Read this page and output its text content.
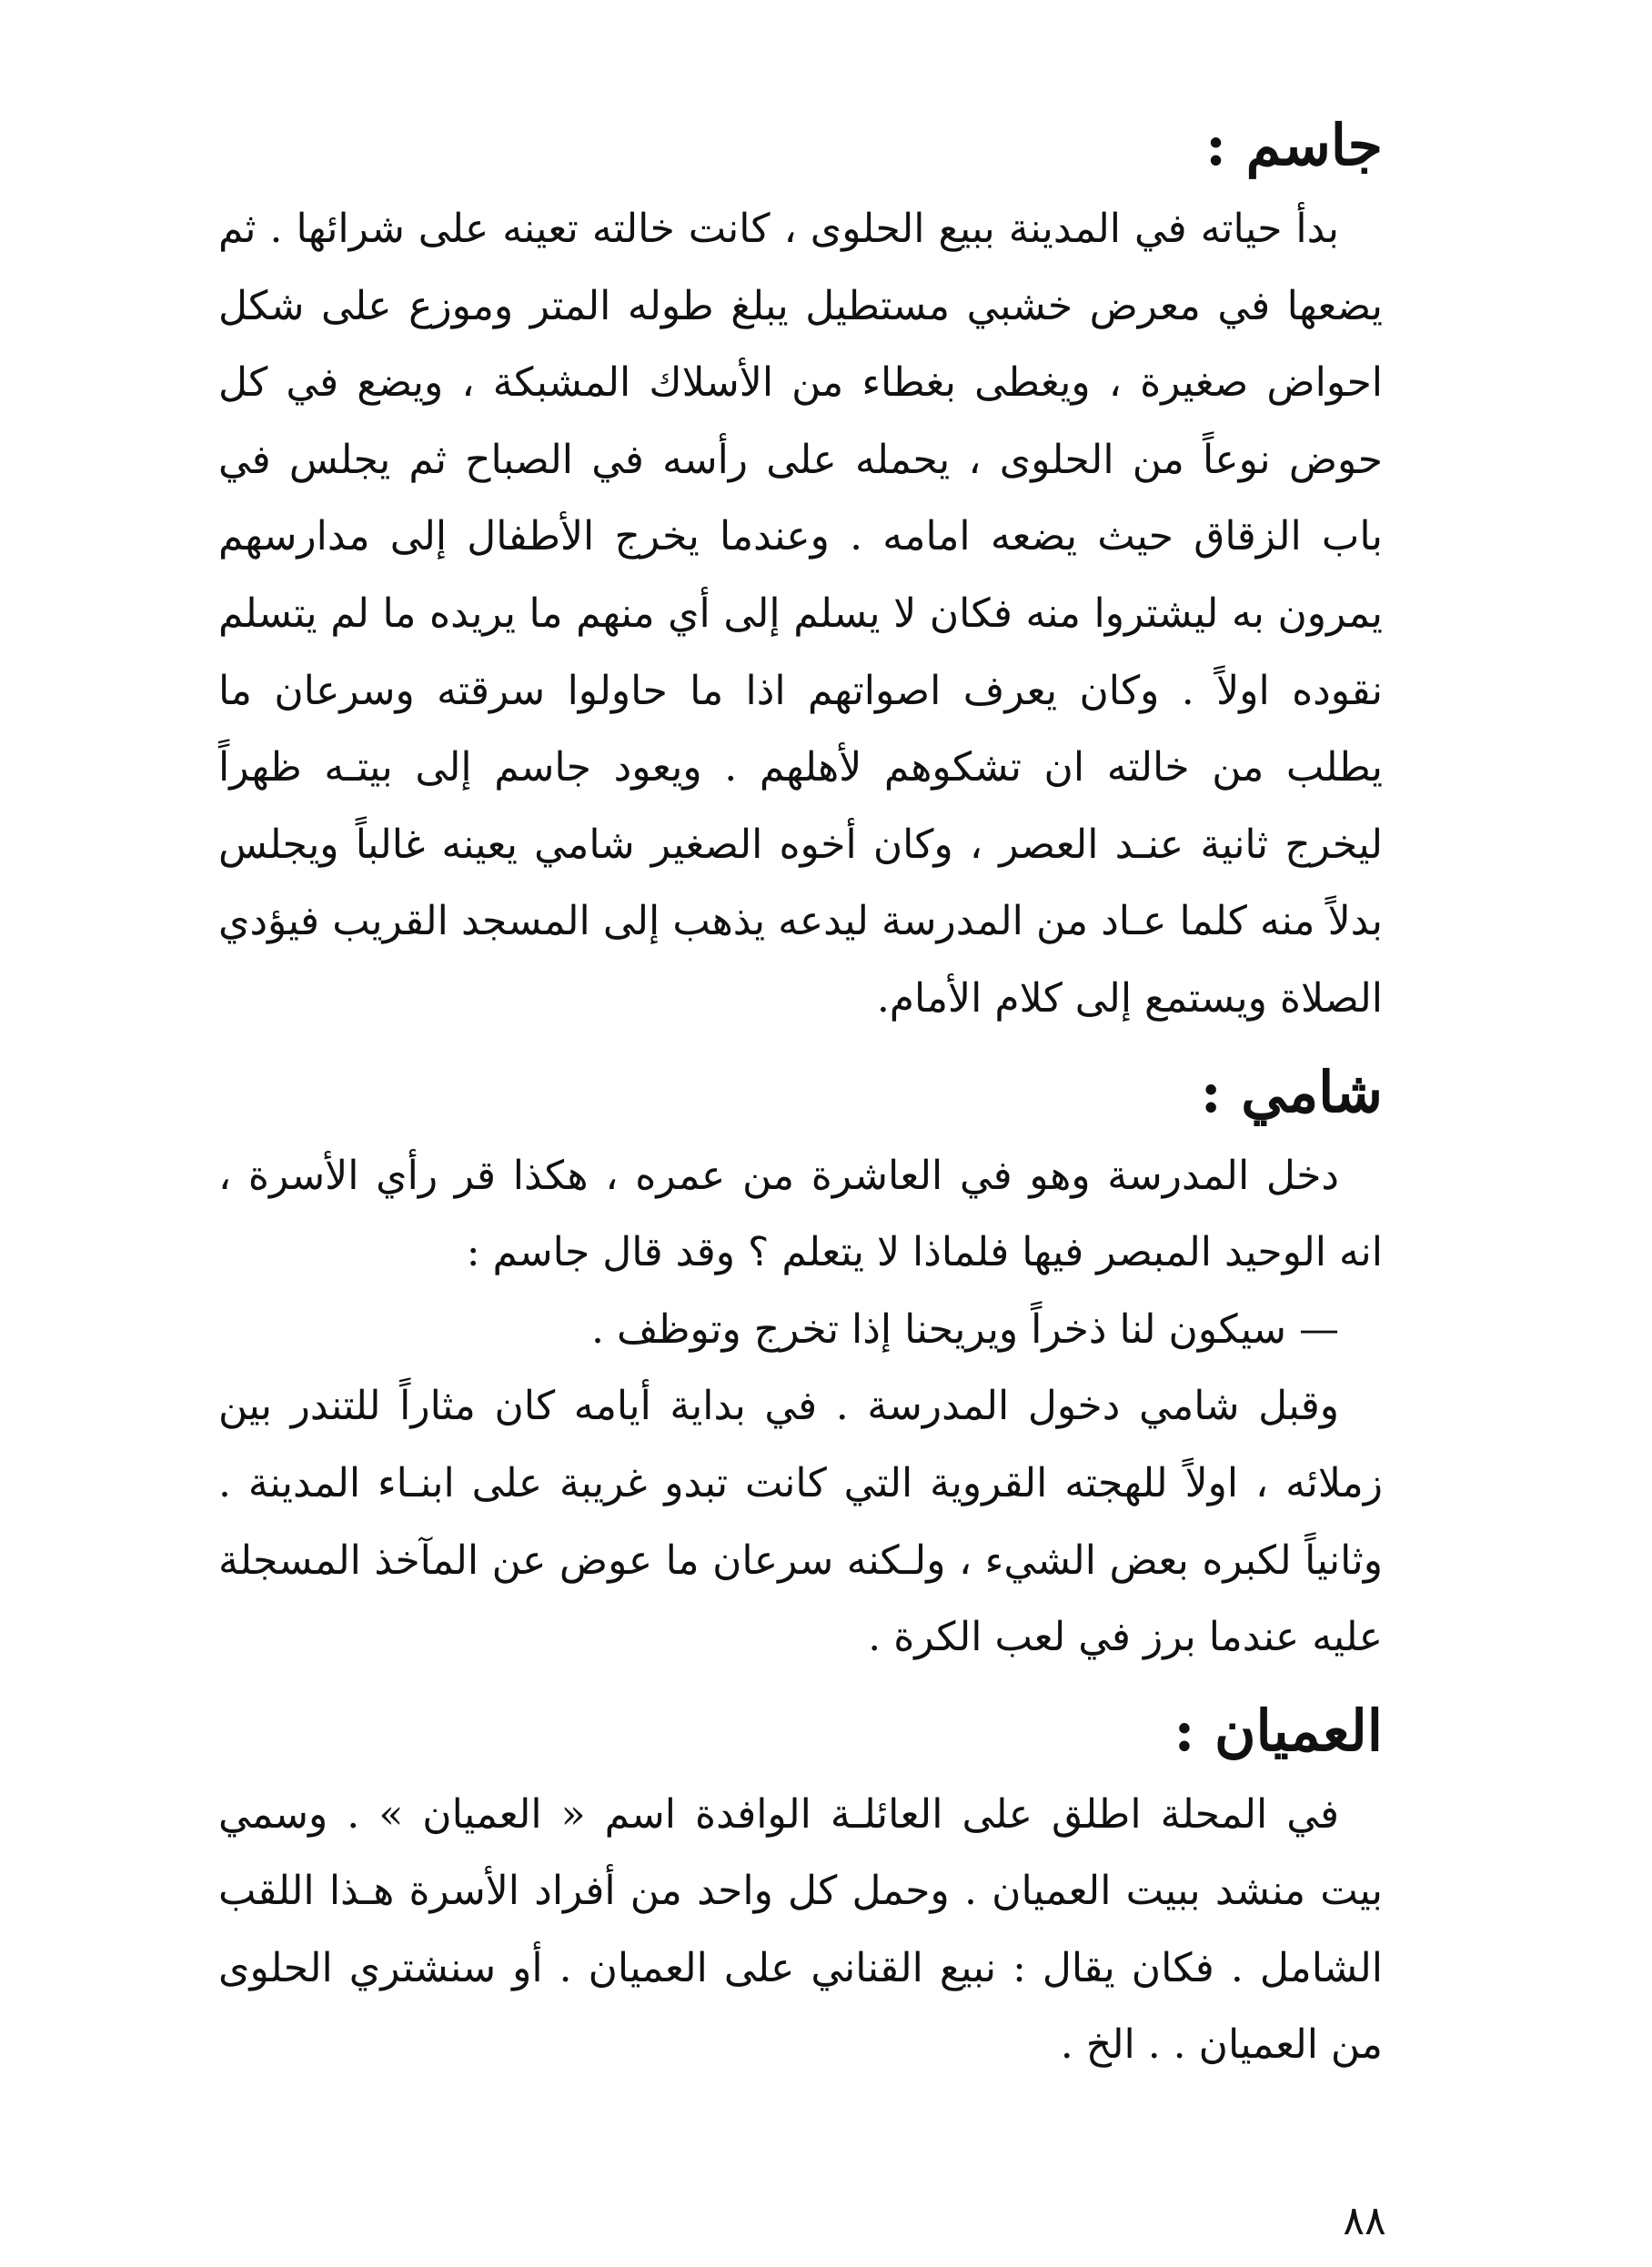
جاسم :

بدأ حياته في المدينة ببيع الحلوى ، كانت خالته تعينه على شرائها . ثم يضعها في معرض خشبي مستطيل يبلغ طوله المتر وموزع على شكل احواض صغيرة ، ويغطى بغطاء من الأسلاك المشبكة ، ويضع في كل حوض نوعاً من الحلوى ، يحمله على رأسه في الصباح ثم يجلس في باب الزقاق حيث يضعه امامه . وعندما يخرج الأطفال إلى مدارسهم يمرون به ليشتروا منه فكان لا يسلم إلى أي منهم ما يريده ما لم يتسلم نقوده اولاً . وكان يعرف اصواتهم اذا ما حاولوا سرقته وسرعان ما يطلب من خالته ان تشكوهم لأهلهم . ويعود جاسم إلى بيتـه ظهراً ليخرج ثانية عنـد العصر ، وكان أخوه الصغير شامي يعينه غالباً ويجلس بدلاً منه كلما عـاد من المدرسة ليدعه يذهب إلى المسجد القريب فيؤدي الصلاة ويستمع إلى كلام الأمام.

شامي :

دخل المدرسة وهو في العاشرة من عمره ، هكذا قر رأي الأسرة ، انه الوحيد المبصر فيها فلماذا لا يتعلم ؟ وقد قال جاسم :

— سيكون لنا ذخراً ويريحنا إذا تخرج وتوظف .

وقبل شامي دخول المدرسة . في بداية أيامه كان مثاراً للتندر بين زملائه ، اولاً للهجته القروية التي كانت تبدو غريبة على ابنـاء المدينة . وثانياً لكبره بعض الشيء ، ولـكنه سرعان ما عوض عن المآخذ المسجلة عليه عندما برز في لعب الكرة .

العميان :

في المحلة اطلق على العائلـة الوافدة اسم « العميان » . وسمي بيت منشد ببيت العميان . وحمل كل واحد من أفراد الأسرة هـذا اللقب الشامل . فكان يقال : نبيع القناني على العميان . أو سنشتري الحلوى من العميان . . الخ .

٨٨
